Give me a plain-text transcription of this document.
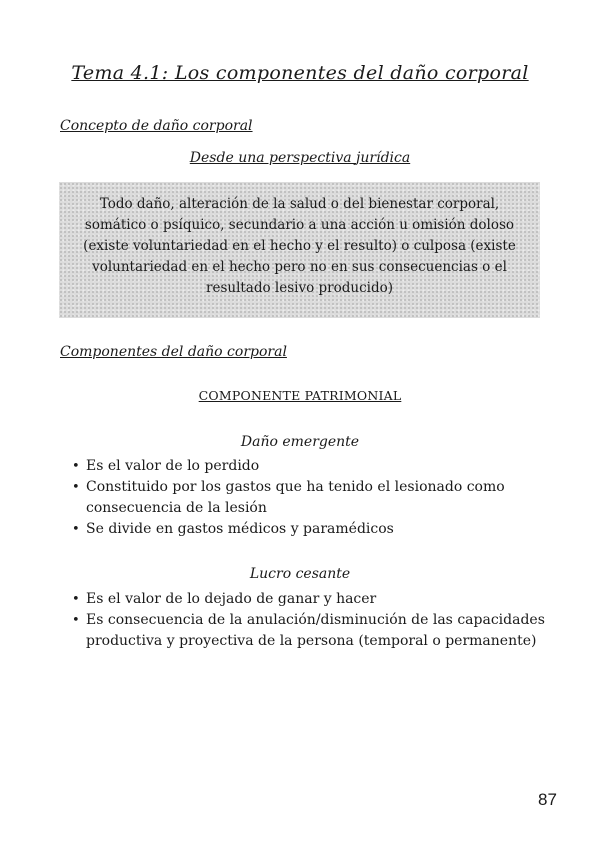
Tema 4.1: Los componentes del daño corporal
Concepto de daño corporal
Desde una perspectiva jurídica
Todo daño, alteración de la salud o del bienestar corporal, somático o psíquico, secundario a una acción u omisión doloso (existe voluntariedad en el hecho y el resulto) o culposa (existe voluntariedad en el hecho pero no en sus consecuencias o el resultado lesivo producido)
Componentes del daño corporal
COMPONENTE PATRIMONIAL
Daño emergente
• Es el valor de lo perdido
• Constituido por los gastos que ha tenido el lesionado como consecuencia de la lesión
• Se divide en gastos médicos y paramédicos
Lucro cesante
• Es el valor de lo dejado de ganar y hacer
• Es consecuencia de la anulación/disminución de las capacidades productiva y proyectiva de la persona (temporal o permanente)
87
